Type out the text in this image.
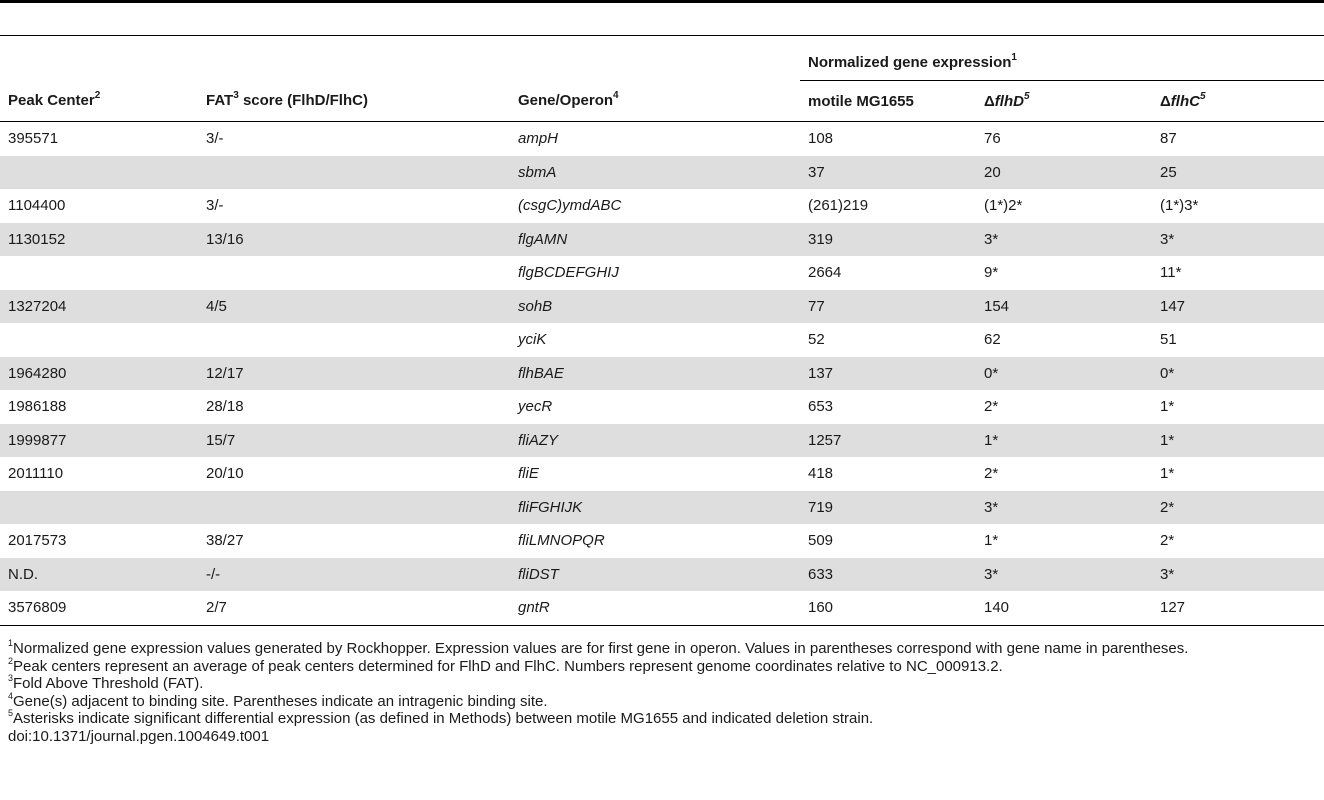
			Normalized gene expression$^1$
Peak Center$^2$	FAT$^3$ score (FlhD/FlhC)	Gene/Operon$^4$	motile MG1655	ΔflhD$^5$	ΔflhC$^5$
395571	3/-	ampH	108	76	87
		sbmA	37	20	25
1104400	3/-	(csgC)ymdABC	(261)219	(1*)2*	(1*)3*
1130152	13/16	flgAMN	319	3*	3*
		flgBCDEFGHIJ	2664	9*	11*
1327204	4/5	sohB	77	154	147
		yciK	52	62	51
1964280	12/17	flhBAE	137	0*	0*
1986188	28/18	yecR	653	2*	1*
1999877	15/7	fliAZY	1257	1*	1*
2011110	20/10	fliE	418	2*	1*
		fliFGHIJK	719	3*	2*
2017573	38/27	fliLMNOPQR	509	1*	2*
N.D.	-/-	fliDST	633	3*	3*
3576809	2/7	gntR	160	140	127

$^1$Normalized gene expression values generated by Rockhopper. Expression values are for first gene in operon. Values in parentheses correspond with gene name in parentheses.

$^2$Peak centers represent an average of peak centers determined for FlhD and FlhC. Numbers represent genome coordinates relative to NC_000913.2.

$^3$Fold Above Threshold (FAT).

$^4$Gene(s) adjacent to binding site. Parentheses indicate an intragenic binding site.

$^5$Asterisks indicate significant differential expression (as defined in Methods) between motile MG1655 and indicated deletion strain.

doi:10.1371/journal.pgen.1004649.t001
